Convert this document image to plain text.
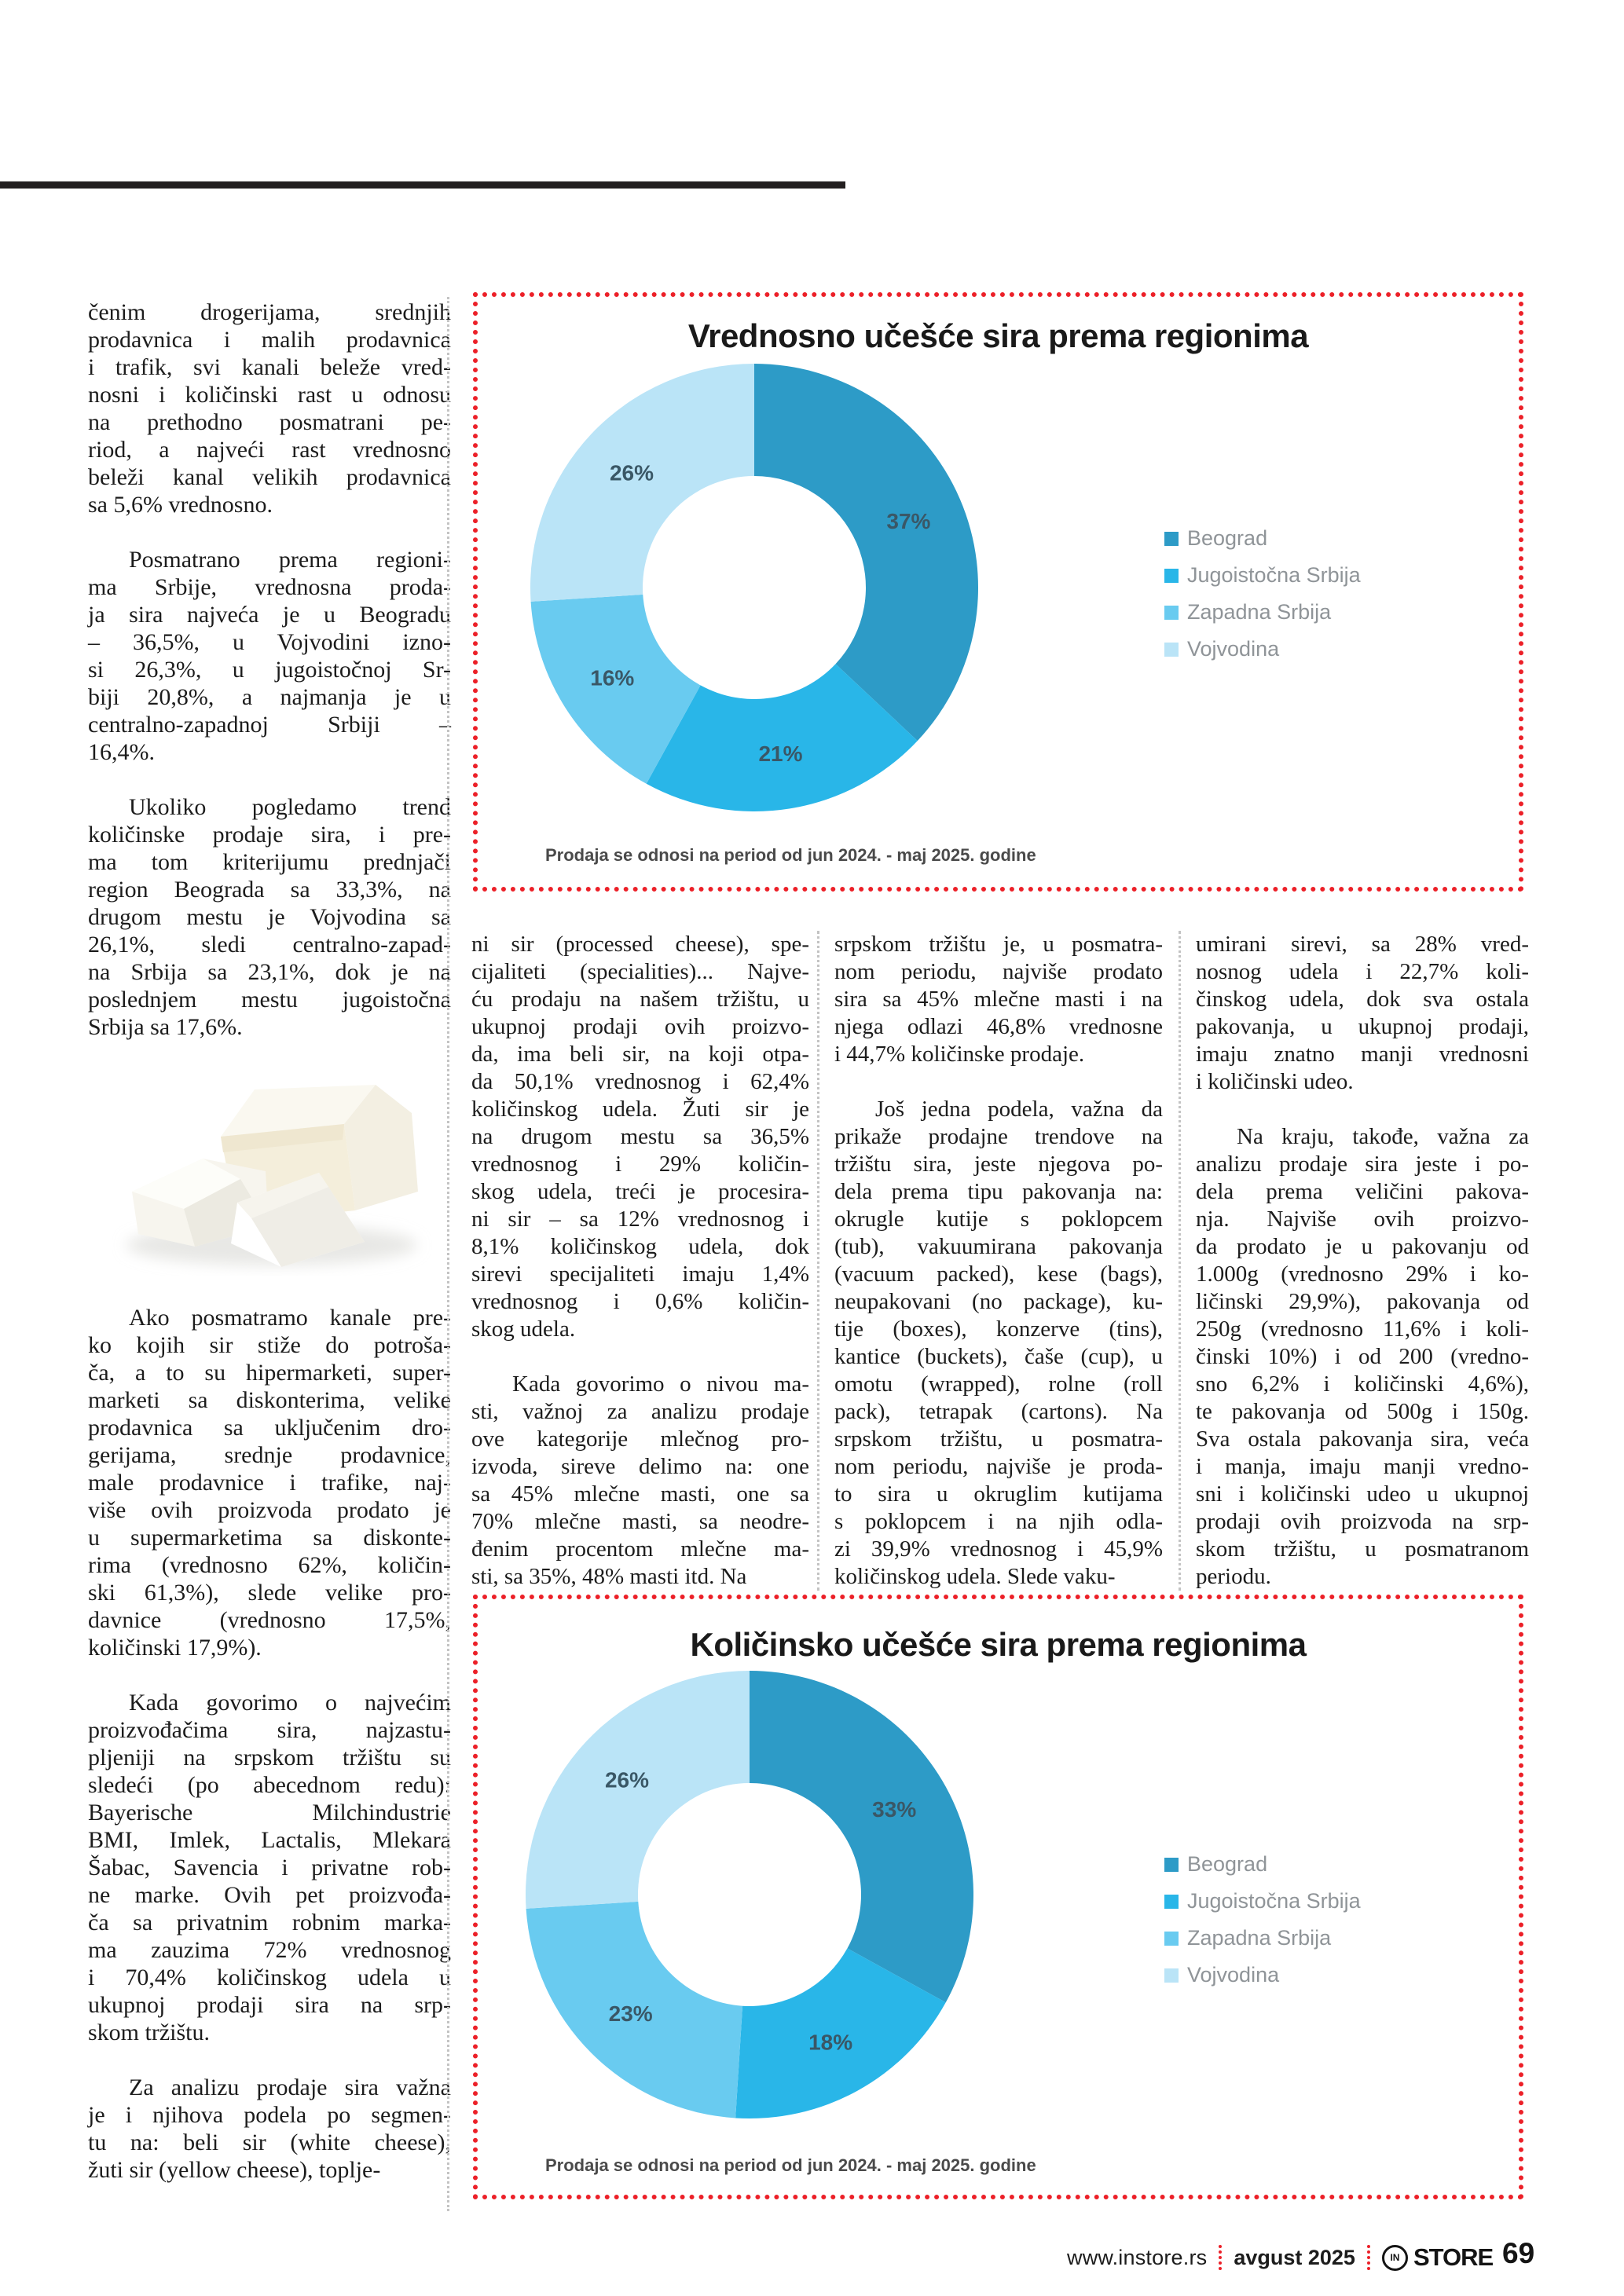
čenim drogerijama, srednjih
prodavnica i malih prodavnica
i trafik, svi kanali beleže vred-
nosni i količinski rast u odnosu
na prethodno posmatrani pe-
riod, a najveći rast vrednosno
beleži kanal velikih prodavnica
sa 5,6% vrednosno.
Posmatrano prema regioni-
ma Srbije, vrednosna proda-
ja sira najveća je u Beogradu
– 36,5%, u Vojvodini izno-
si 26,3%, u jugoistočnoj Sr-
biji 20,8%, a najmanja je u
centralno-zapadnoj Srbiji –
16,4%.
Ukoliko pogledamo trend
količinske prodaje sira, i pre-
ma tom kriterijumu prednjači
region Beograda sa 33,3%, na
drugom mestu je Vojvodina sa
26,1%, sledi centralno-zapad-
na Srbija sa 23,1%, dok je na
poslednjem mestu jugoistočna
Srbija sa 17,6%.
Ako posmatramo kanale pre-
ko kojih sir stiže do potroša-
ča, a to su hipermarketi, super-
marketi sa diskonterima, velike
prodavnica sa uključenim dro-
gerijama, srednje prodavnice,
male prodavnice i trafike, naj-
više ovih proizvoda prodato je
u supermarketima sa diskonte-
rima (vrednosno 62%, količin-
ski 61,3%), slede velike pro-
davnice (vrednosno 17,5%,
količinski 17,9%).
Kada govorimo o najvećim
proizvođačima sira, najzastu-
pljeniji na srpskom tržištu su
sledeći (po abecednom redu):
Bayerische Milchindustrie
BMI, Imlek, Lactalis, Mlekara
Šabac, Savencia i privatne rob-
ne marke. Ovih pet proizvođa-
ča sa privatnim robnim marka-
ma zauzima 72% vrednosnog
i 70,4% količinskog udela u
ukupnoj prodaji sira na srp-
skom tržištu.
Za analizu prodaje sira važna
je i njihova podela po segmen-
tu na: beli sir (white cheese),
žuti sir (yellow cheese), toplje-
Vrednosno učešće sira prema regionima
37%
21%
16%
26%
Beograd
Jugoistočna Srbija
Zapadna Srbija
Vojvodina
Prodaja se odnosi na period od jun 2024. - maj 2025. godine
ni sir (processed cheese), spe-
cijaliteti (specialities)... Najve-
ću prodaju na našem tržištu, u
ukupnoj prodaji ovih proizvo-
da, ima beli sir, na koji otpa-
da 50,1% vrednosnog i 62,4%
količinskog udela. Žuti sir je
na drugom mestu sa 36,5%
vrednosnog i 29% količin-
skog udela, treći je procesira-
ni sir – sa 12% vrednosnog i
8,1% količinskog udela, dok
sirevi specijaliteti imaju 1,4%
vrednosnog i 0,6% količin-
skog udela.
Kada govorimo o nivou ma-
sti, važnoj za analizu prodaje
ove kategorije mlečnog pro-
izvoda, sireve delimo na: one
sa 45% mlečne masti, one sa
70% mlečne masti, sa neodre-
đenim procentom mlečne ma-
sti, sa 35%, 48% masti itd. Na
srpskom tržištu je, u posmatra-
nom periodu, najviše prodato
sira sa 45% mlečne masti i na
njega odlazi 46,8% vrednosne
i 44,7% količinske prodaje.
Još jedna podela, važna da
prikaže prodajne trendove na
tržištu sira, jeste njegova po-
dela prema tipu pakovanja na:
okrugle kutije s poklopcem
(tub), vakuumirana pakovanja
(vacuum packed), kese (bags),
neupakovani (no package), ku-
tije (boxes), konzerve (tins),
kantice (buckets), čaše (cup), u
omotu (wrapped), rolne (roll
pack), tetrapak (cartons). Na
srpskom tržištu, u posmatra-
nom periodu, najviše je proda-
to sira u okruglim kutijama
s poklopcem i na njih odla-
zi 39,9% vrednosnog i 45,9%
količinskog udela. Slede vaku-
umirani sirevi, sa 28% vred-
nosnog udela i 22,7% koli-
činskog udela, dok sva ostala
pakovanja, u ukupnoj prodaji,
imaju znatno manji vrednosni
i količinski udeo.
Na kraju, takođe, važna za
analizu prodaje sira jeste i po-
dela prema veličini pakova-
nja. Najviše ovih proizvo-
da prodato je u pakovanju od
1.000g (vrednosno 29% i ko-
ličinski 29,9%), pakovanja od
250g (vrednosno 11,6% i koli-
činski 10%) i od 200 (vredno-
sno 6,2% i količinski 4,6%),
te pakovanja od 500g i 150g.
Sva ostala pakovanja sira, veća
i manja, imaju manji vredno-
sni i količinski udeo u ukupnoj
prodaji ovih proizvoda na srp-
skom tržištu, u posmatranom
periodu.
Količinsko učešće sira prema regionima
33%
18%
23%
26%
Beograd
Jugoistočna Srbija
Zapadna Srbija
Vojvodina
Prodaja se odnosi na period od jun 2024. - maj 2025. godine
www.instore.rs avgust 2025	IN STORE 69
